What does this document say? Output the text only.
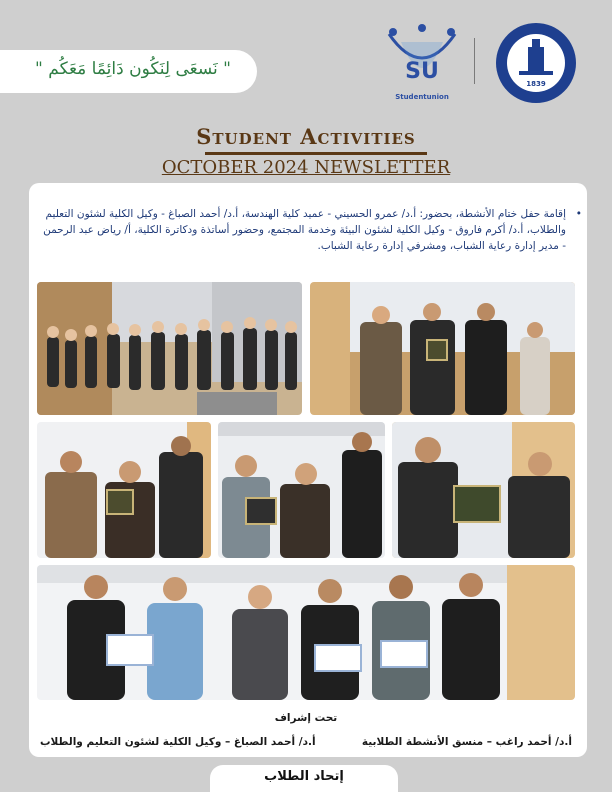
" نَسعَى لِنَكُون دَائِمًا مَعَكُم "	SU
Studentunion
1839
Student Activities
OCTOBER 2024 NEWSLETTER
• إقامة حفل ختام الأنشطة، بحضور: أ.د/ عمرو الحسيني - عميد كلية الهندسة، أ.د/ أحمد الصباغ - وكيل الكلية لشئون التعليم والطلاب، أ.د/ أكرم فاروق - وكيل الكلية لشئون البيئة وخدمة المجتمع، وحضور أساتذة ودكاترة الكلية، أ/ رياض عبد الرحمن - مدير إدارة رعاية الشباب، ومشرفي إدارة رعاية الشباب.
تحت إشراف
أ.د/ أحمد راغب – منسق الأنشطة الطلابية
أ.د/ أحمد الصباغ – وكيل الكلية لشئون التعليم والطلاب
إتحاد الطلاب
